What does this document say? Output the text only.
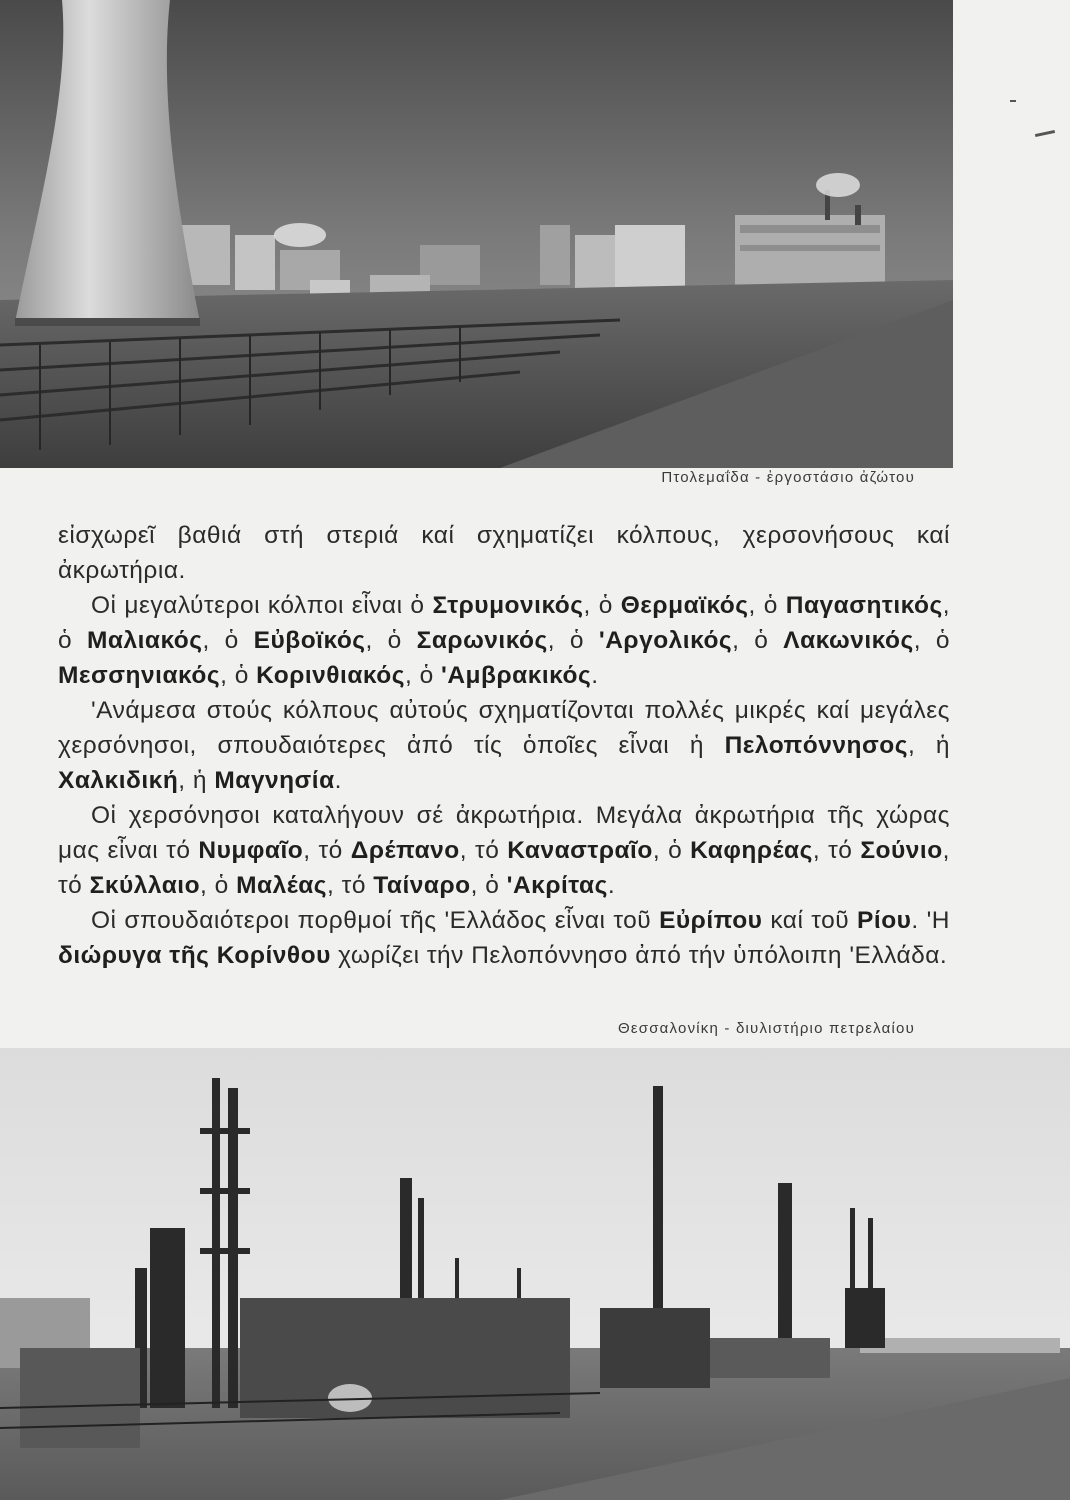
Πτολεμαΐδα - ἐργοστάσιο ἀζώτου

εἰσχωρεῖ βαθιά στή στεριά καί σχηματίζει κόλπους, χερσονήσους καί ἀκρωτήρια.

Οἱ μεγαλύτεροι κόλποι εἶναι ὁ Στρυμονικός, ὁ Θερμαϊκός, ὁ Παγασητικός, ὁ Μαλιακός, ὁ Εὐβοϊκός, ὁ Σαρωνικός, ὁ 'Αργολικός, ὁ Λακωνικός, ὁ Μεσσηνιακός, ὁ Κορινθιακός, ὁ 'Αμβρακικός.

'Ανάμεσα στούς κόλπους αὐτούς σχηματίζονται πολλές μικρές καί μεγάλες χερσόνησοι, σπουδαιότερες ἀπό τίς ὁποῖες εἶναι ἡ Πελοπόννησος, ἡ Χαλκιδική, ἡ Μαγνησία.

Οἱ χερσόνησοι καταλήγουν σέ ἀκρωτήρια. Μεγάλα ἀκρωτήρια τῆς χώρας μας εἶναι τό Νυμφαῖο, τό Δρέπανο, τό Καναστραῖο, ὁ Καφηρέας, τό Σούνιο, τό Σκύλλαιο, ὁ Μαλέας, τό Ταίναρο, ὁ 'Ακρίτας.

Οἱ σπουδαιότεροι πορθμοί τῆς 'Ελλάδος εἶναι τοῦ Εὐρίπου καί τοῦ Ρίου. 'Η διώρυγα τῆς Κορίνθου χωρίζει τήν Πελοπόννησο ἀπό τήν ὑπόλοιπη 'Ελλάδα.

Θεσσαλονίκη - διυλιστήριο πετρελαίου
